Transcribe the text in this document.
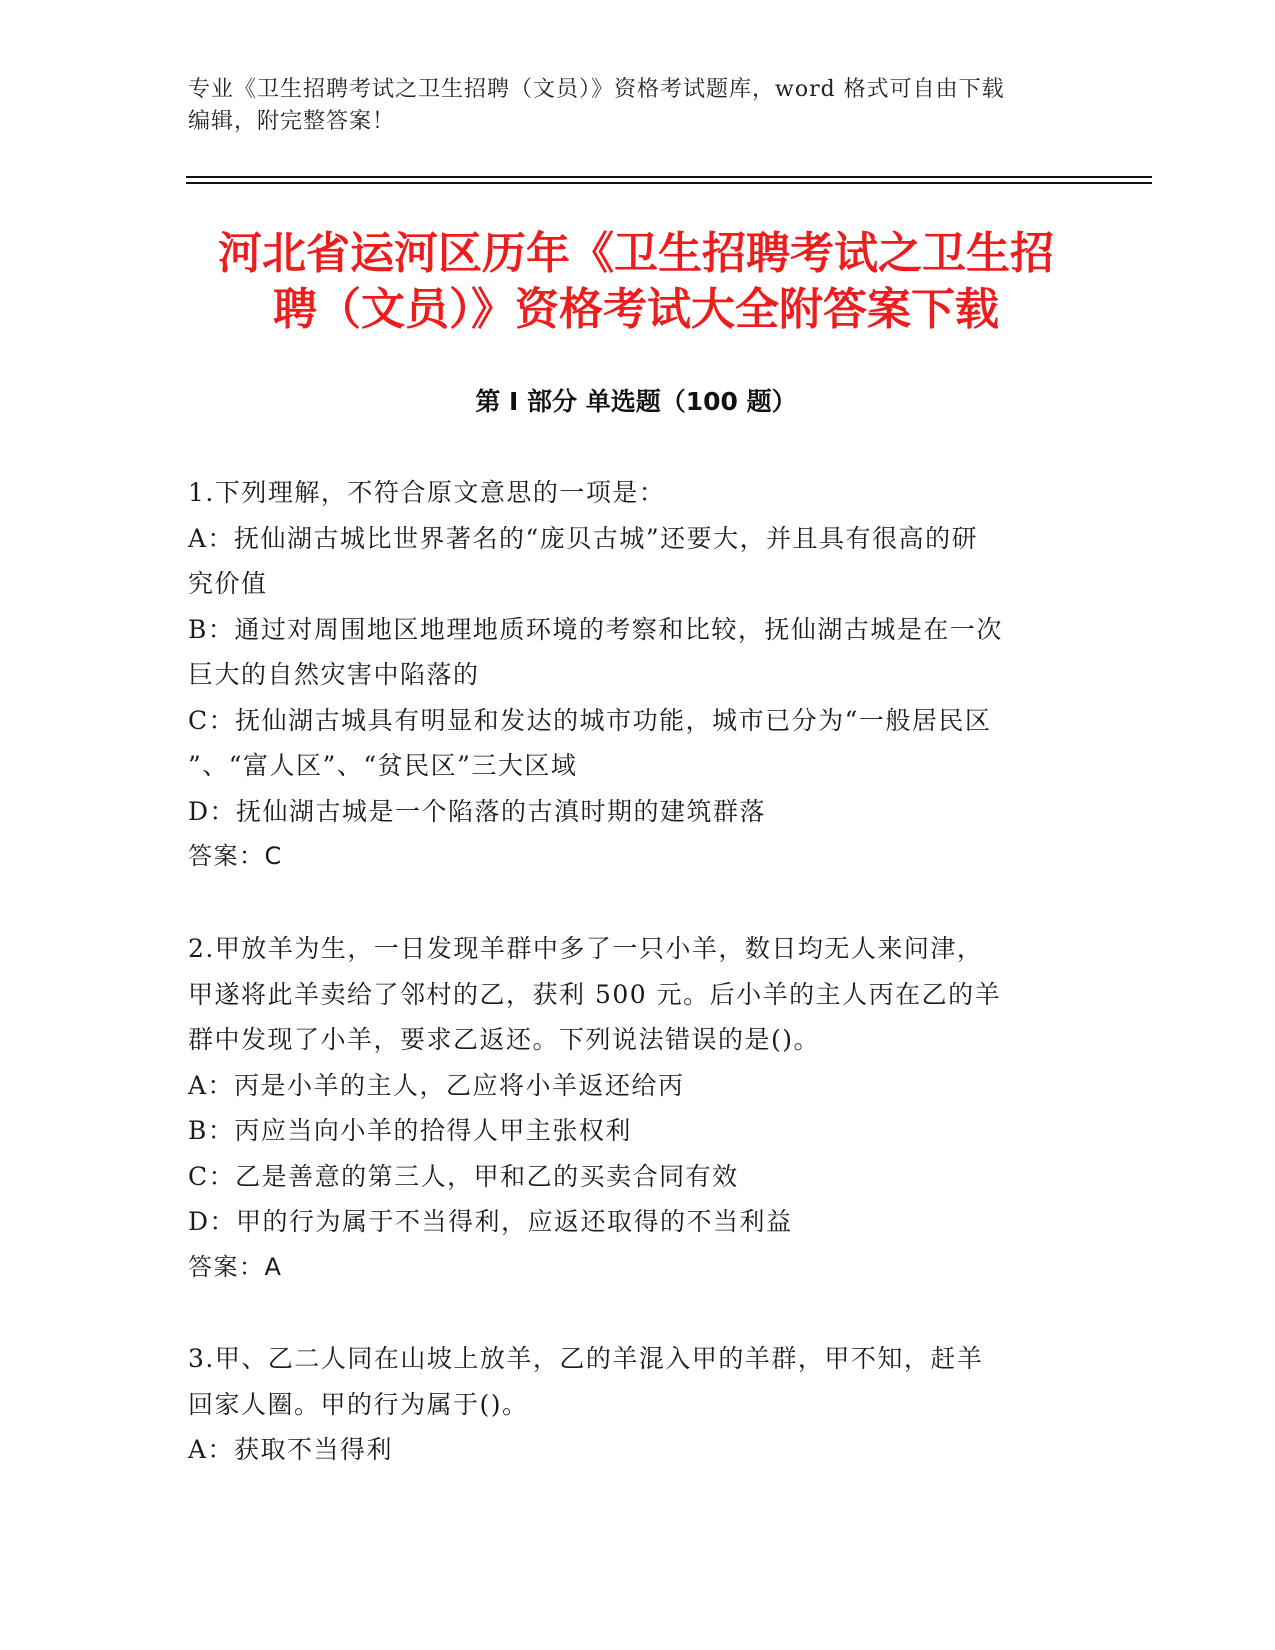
专业《卫生招聘考试之卫生招聘（文员）》资格考试题库，word 格式可自由下载
编辑，附完整答案！
河北省运河区历年《卫生招聘考试之卫生招
聘（文员）》资格考试大全附答案下载
第 I 部分 单选题（100 题）
1.下列理解，不符合原文意思的一项是：
A：抚仙湖古城比世界著名的“庞贝古城”还要大，并且具有很高的研
究价值
B：通过对周围地区地理地质环境的考察和比较，抚仙湖古城是在一次
巨大的自然灾害中陷落的
C：抚仙湖古城具有明显和发达的城市功能，城市已分为“一般居民区
”、“富人区”、“贫民区”三大区域
D：抚仙湖古城是一个陷落的古滇时期的建筑群落
答案：C
2.甲放羊为生，一日发现羊群中多了一只小羊，数日均无人来问津，
甲遂将此羊卖给了邻村的乙，获利 500 元。后小羊的主人丙在乙的羊
群中发现了小羊，要求乙返还。下列说法错误的是()。
A：丙是小羊的主人，乙应将小羊返还给丙
B：丙应当向小羊的拾得人甲主张权利
C：乙是善意的第三人，甲和乙的买卖合同有效
D：甲的行为属于不当得利，应返还取得的不当利益
答案：A
3.甲、乙二人同在山坡上放羊，乙的羊混入甲的羊群，甲不知，赶羊
回家人圈。甲的行为属于()。
A：获取不当得利
